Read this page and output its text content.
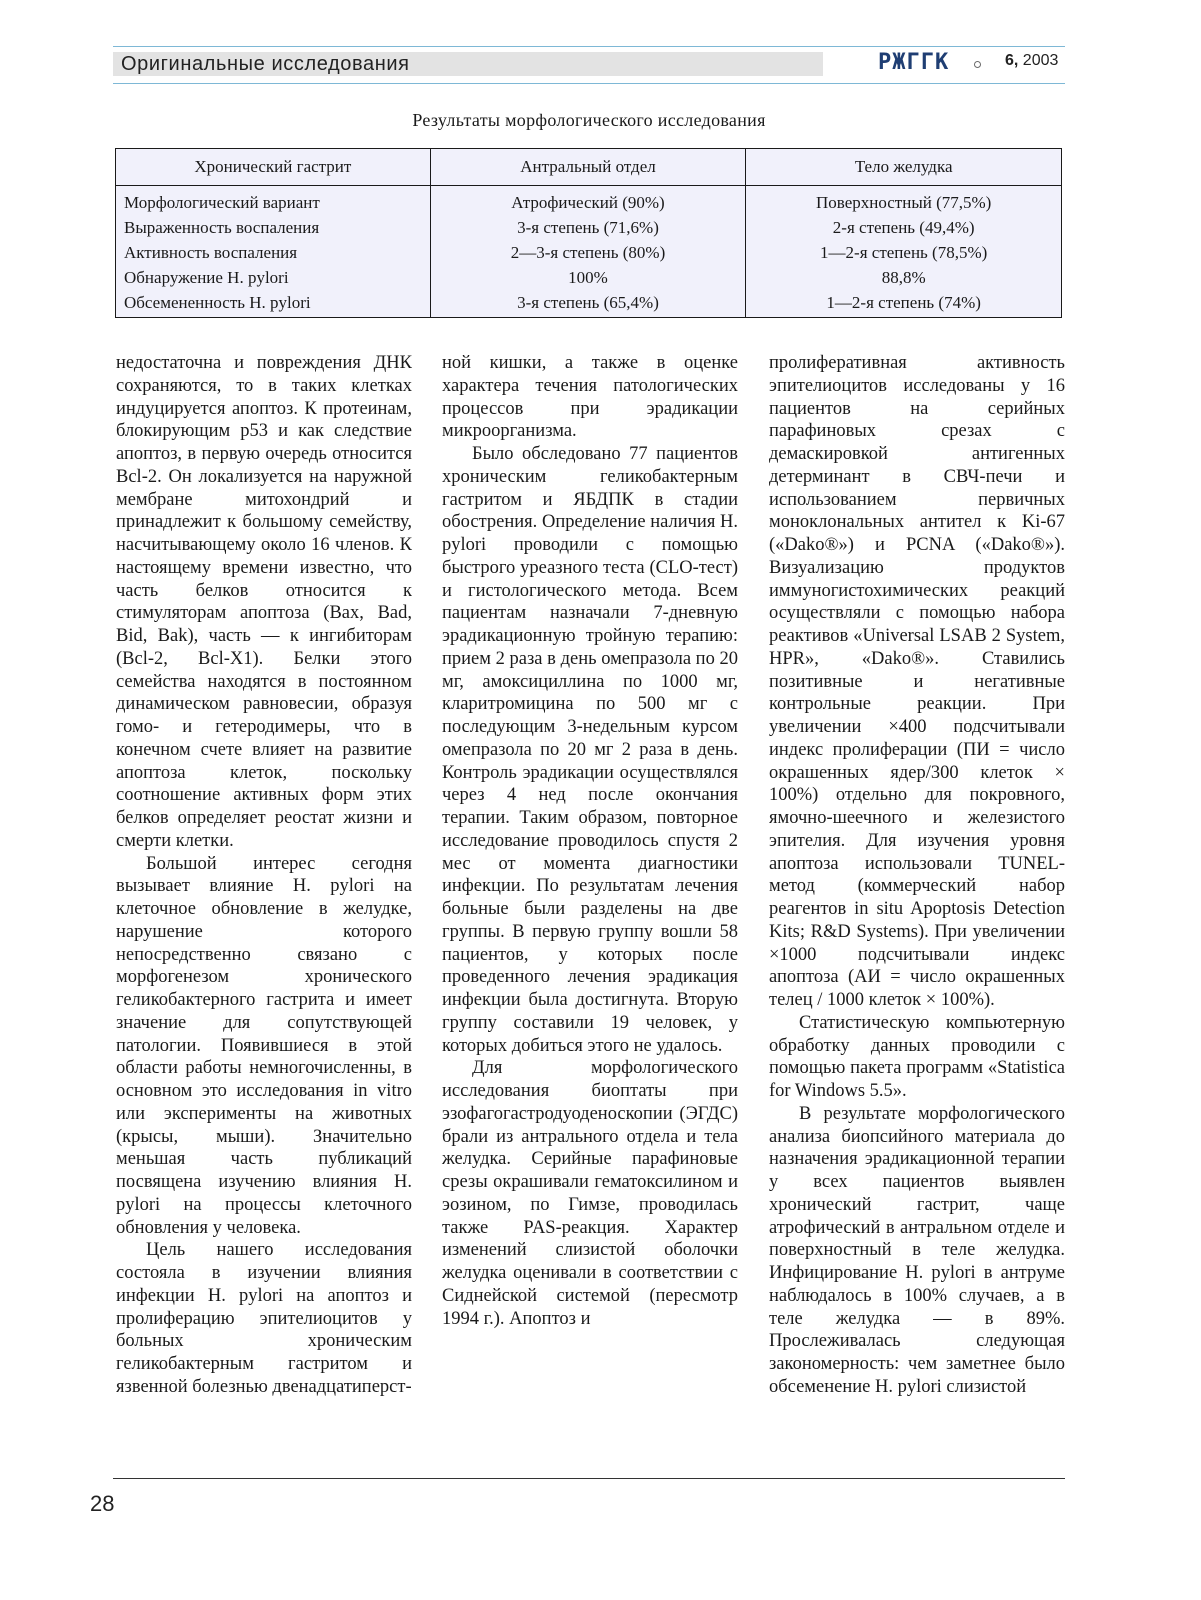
Оригинальные исследования	РЖГГК	6, 2003
Результаты морфологического исследования
Хронический гастрит	Антральный отдел	Тело желудка
Морфологический вариант	Атрофический (90%)	Поверхностный (77,5%)
Выраженность воспаления	3-я степень (71,6%)	2-я степень (49,4%)
Активность воспаления	2—3-я степень (80%)	1—2-я степень (78,5%)
Обнаружение H. pylori	100%	88,8%
Обсемененность H. pylori	3-я степень (65,4%)	1—2-я степень (74%)

недостаточна и повреждения ДНК сохраняются, то в таких клетках индуцируется апоптоз. К протеинам, блокирующим p53 и как следствие апоптоз, в первую очередь относится Bcl-2. Он локализуется на наружной мембране митохондрий и принадлежит к большому семейству, насчитывающему около 16 членов. К настоящему времени известно, что часть белков относится к стимуляторам апоптоза (Bax, Bad, Bid, Bak), часть — к ингибиторам (Bcl-2, Bcl-X1). Белки этого семейства находятся в постоянном динамическом равновесии, образуя гомо- и гетеродимеры, что в конечном счете влияет на развитие апоптоза клеток, поскольку соотношение активных форм этих белков определяет реостат жизни и смерти клетки.

Большой интерес сегодня вызывает влияние H. pylori на клеточное обновление в желудке, нарушение которого непосредственно связано с морфогенезом хронического геликобактерного гастрита и имеет значение для сопутствующей патологии. Появившиеся в этой области работы немногочисленны, в основном это исследования in vitro или эксперименты на животных (крысы, мыши). Значительно меньшая часть публикаций посвящена изучению влияния H. pylori на процессы клеточного обновления у человека.

Цель нашего исследования состояла в изучении влияния инфекции H. pylori на апоптоз и пролиферацию эпителиоцитов у больных хроническим геликобактерным гастритом и язвенной болезнью двенадцатиперст-

ной кишки, а также в оценке характера течения патологических процессов при эрадикации микроорганизма.

Было обследовано 77 пациентов хроническим геликобактерным гастритом и ЯБДПК в стадии обострения. Определение наличия H. pylori проводили с помощью быстрого уреазного теста (CLO-тест) и гистологического метода. Всем пациентам назначали 7-дневную эрадикационную тройную терапию: прием 2 раза в день омепразола по 20 мг, амоксициллина по 1000 мг, кларитромицина по 500 мг с последующим 3-недельным курсом омепразола по 20 мг 2 раза в день. Контроль эрадикации осуществлялся через 4 нед после окончания терапии. Таким образом, повторное исследование проводилось спустя 2 мес от момента диагностики инфекции. По результатам лечения больные были разделены на две группы. В первую группу вошли 58 пациентов, у которых после проведенного лечения эрадикация инфекции была достигнута. Вторую группу составили 19 человек, у которых добиться этого не удалось.

Для морфологического исследования биоптаты при эзофагогастродуоденоскопии (ЭГДС) брали из антрального отдела и тела желудка. Серийные парафиновые срезы окрашивали гематоксилином и эозином, по Гимзе, проводилась также PAS-реакция. Характер изменений слизистой оболочки желудка оценивали в соответствии с Сиднейской системой (пересмотр 1994 г.). Апоптоз и

пролиферативная активность эпителиоцитов исследованы у 16 пациентов на серийных парафиновых срезах с демаскировкой антигенных детерминант в СВЧ-печи и использованием первичных моноклональных антител к Ki-67 («Dako®») и PCNA («Dako®»). Визуализацию продуктов иммуногистохимических реакций осуществляли с помощью набора реактивов «Universal LSAB 2 System, HPR», «Dako®». Ставились позитивные и негативные контрольные реакции. При увеличении ×400 подсчитывали индекс пролиферации (ПИ = число окрашенных ядер/300 клеток × 100%) отдельно для покровного, ямочно-шеечного и железистого эпителия. Для изучения уровня апоптоза использовали TUNEL-метод (коммерческий набор реагентов in situ Apoptosis Detection Kits; R&D Systems). При увеличении ×1000 подсчитывали индекс апоптоза (АИ = число окрашенных телец / 1000 клеток × 100%).

Статистическую компьютерную обработку данных проводили с помощью пакета программ «Statistica for Windows 5.5».

В результате морфологического анализа биопсийного материала до назначения эрадикационной терапии у всех пациентов выявлен хронический гастрит, чаще атрофический в антральном отделе и поверхностный в теле желудка. Инфицирование H. pylori в антруме наблюдалось в 100% случаев, а в теле желудка — в 89%. Прослеживалась следующая закономерность: чем заметнее было обсеменение H. pylori слизистой

28
